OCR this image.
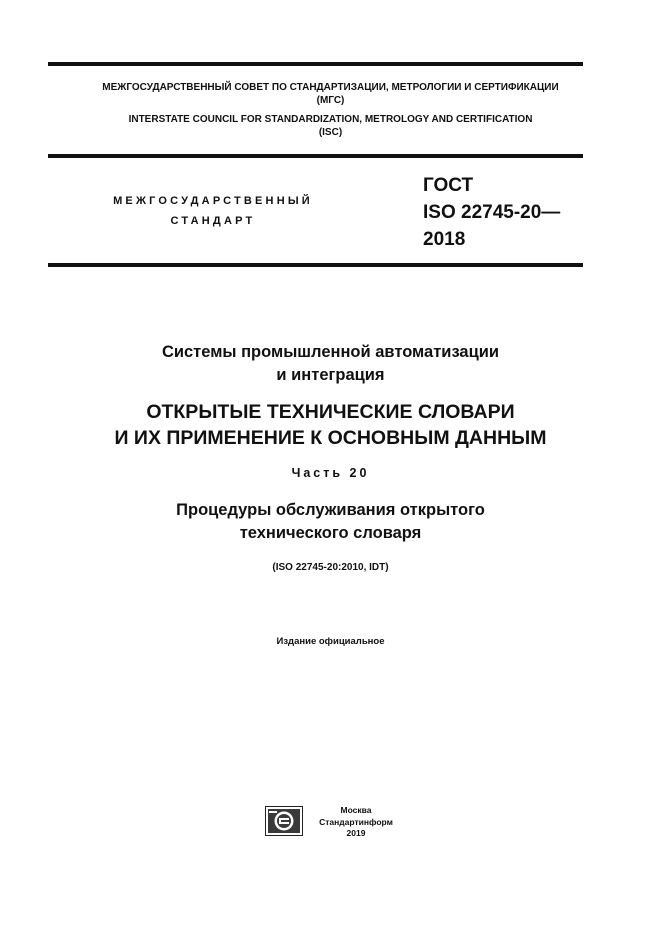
МЕЖГОСУДАРСТВЕННЫЙ СОВЕТ ПО СТАНДАРТИЗАЦИИ, МЕТРОЛОГИИ И СЕРТИФИКАЦИИ
(МГС)
INTERSTATE COUNCIL FOR STANDARDIZATION, METROLOGY AND CERTIFICATION
(ISC)
МЕЖГОСУДАРСТВЕННЫЙ
СТАНДАРТ
ГОСТ
ISO 22745-20—
2018
Системы промышленной автоматизации
и интеграция
ОТКРЫТЫЕ ТЕХНИЧЕСКИЕ СЛОВАРИ
И ИХ ПРИМЕНЕНИЕ К ОСНОВНЫМ ДАННЫМ
Часть 20
Процедуры обслуживания открытого
технического словаря
(ISO 22745-20:2010, IDT)
Издание официальное
Москва
Стандартинформ
2019
